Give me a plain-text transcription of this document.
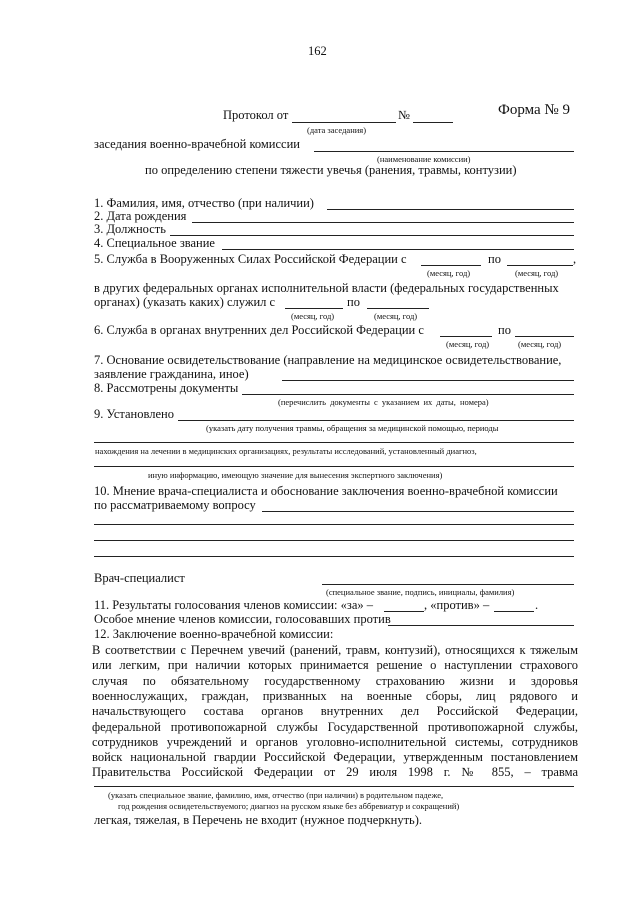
162
Форма № 9
Протокол от	№
(дата заседания)
заседания военно-врачебной комиссии
(наименование комиссии)
по определению степени тяжести увечья (ранения, травмы, контузии)
1. Фамилия, имя, отчество (при наличии)
2. Дата рождения
3. Должность
4. Специальное звание
5. Служба в Вооруженных Силах Российской Федерации с	по	,
(месяц, год)	(месяц, год)
в других федеральных органах исполнительной власти (федеральных государственных
органах) (указать каких) служил с	по
(месяц, год)	(месяц, год)
6. Служба в органах внутренних дел Российской Федерации с	по
(месяц, год)	(месяц, год)
7. Основание освидетельствование (направление на медицинское освидетельствование,
заявление гражданина, иное)
8. Рассмотрены документы
(перечислить документы с указанием их даты, номера)
9. Установлено
(указать дату получения травмы, обращения за медицинской помощью, периоды
нахождения на лечении в медицинских организациях, результаты исследований, установленный диагноз,
иную информацию, имеющую значение для вынесения экспертного заключения)
10. Мнение врача-специалиста и обоснование заключения военно-врачебной комиссии
по рассматриваемому вопросу
Врач-специалист
(специальное звание, подпись, инициалы, фамилия)
11. Результаты голосования членов комиссии: «за» –	, «против» –	.
Особое мнение членов комиссии, голосовавших против
12. Заключение военно-врачебной комиссии:
В соответствии с Перечнем увечий (ранений, травм, контузий), относящихся к тяжелым
или легким, при наличии которых принимается решение о наступлении страхового
случая по обязательному государственному страхованию жизни и здоровья
военнослужащих, граждан, призванных на военные сборы, лиц рядового и
начальствующего состава органов внутренних дел Российской Федерации,
федеральной противопожарной службы Государственной противопожарной службы,
сотрудников учреждений и органов уголовно-исполнительной системы, сотрудников
войск национальной гвардии Российской Федерации, утвержденным постановлением
Правительства Российской Федерации от 29 июля 1998 г. № 855, – травма
(указать специальное звание, фамилию, имя, отчество (при наличии) в родительном падеже,
год рождения освидетельствуемого; диагноз на русском языке без аббревиатур и сокращений)
легкая, тяжелая, в Перечень не входит (нужное подчеркнуть).
